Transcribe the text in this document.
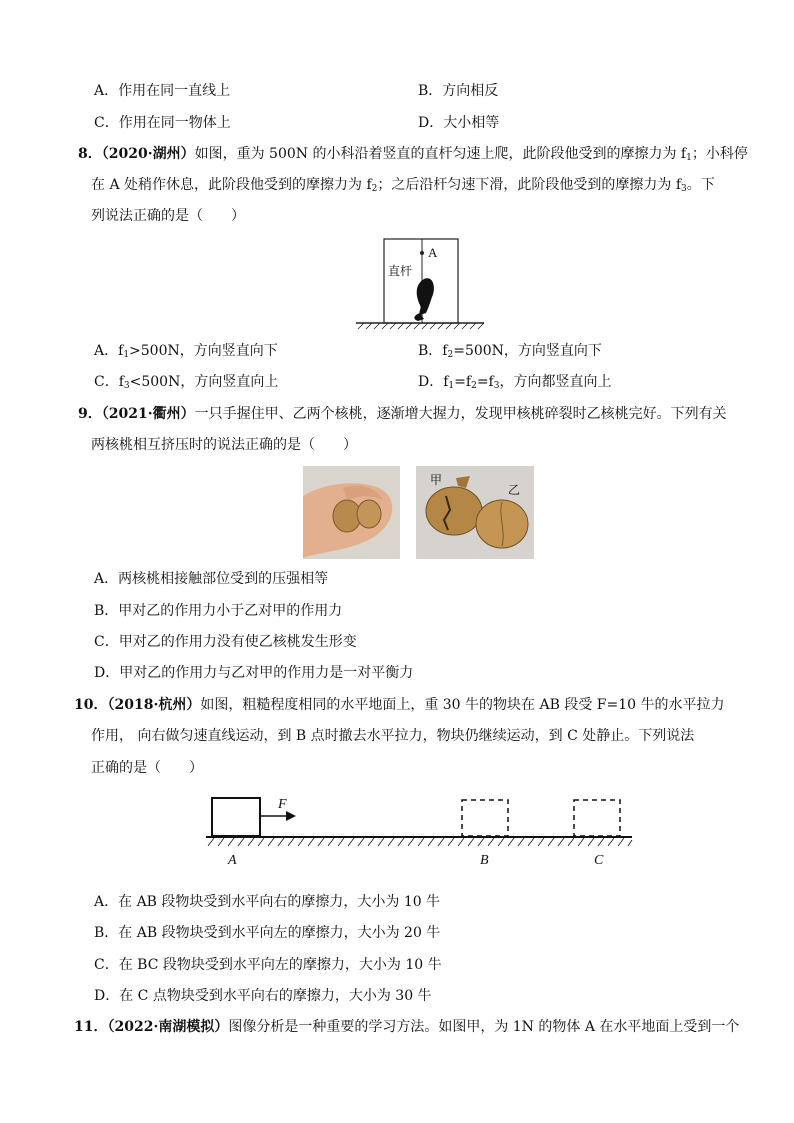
A．作用在同一直线上	B．方向相反
C．作用在同一物体上	D．大小相等
8．（2020·湖州）如图，重为 500N 的小科沿着竖直的直杆匀速上爬，此阶段他受到的摩擦力为 $f_1$；小科停
在 A 处稍作休息，此阶段他受到的摩擦力为 $f_2$；之后沿杆匀速下滑，此阶段他受到的摩擦力为 $f_3$。下
列说法正确的是（　　）
A
直杆
A．$f_1>500N$，方向竖直向下	B．$f_2=500N$，方向竖直向下
C．$f_3<500N$，方向竖直向上	D．$f_1=f_2=f_3$，方向都竖直向上
9．（2021·衢州）一只手握住甲、乙两个核桃，逐渐增大握力，发现甲核桃碎裂时乙核桃完好。下列有关
两核桃相互挤压时的说法正确的是（　　）
甲
乙
A．两核桃相接触部位受到的压强相等
B．甲对乙的作用力小于乙对甲的作用力
C．甲对乙的作用力没有使乙核桃发生形变
D．甲对乙的作用力与乙对甲的作用力是一对平衡力
10．（2018·杭州）如图，粗糙程度相同的水平地面上，重 30 牛的物块在 AB 段受 F=10 牛的水平拉力
作用， 向右做匀速直线运动，到 B 点时撤去水平拉力，物块仍继续运动，到 C 处静止。下列说法
正确的是（　　）
F
A	B	C
A．在 AB 段物块受到水平向右的摩擦力，大小为 10 牛
B．在 AB 段物块受到水平向左的摩擦力，大小为 20 牛
C．在 BC 段物块受到水平向左的摩擦力，大小为 10 牛
D．在 C 点物块受到水平向右的摩擦力，大小为 30 牛
11．（2022·南湖模拟）图像分析是一种重要的学习方法。如图甲，为 1N 的物体 A 在水平地面上受到一个
